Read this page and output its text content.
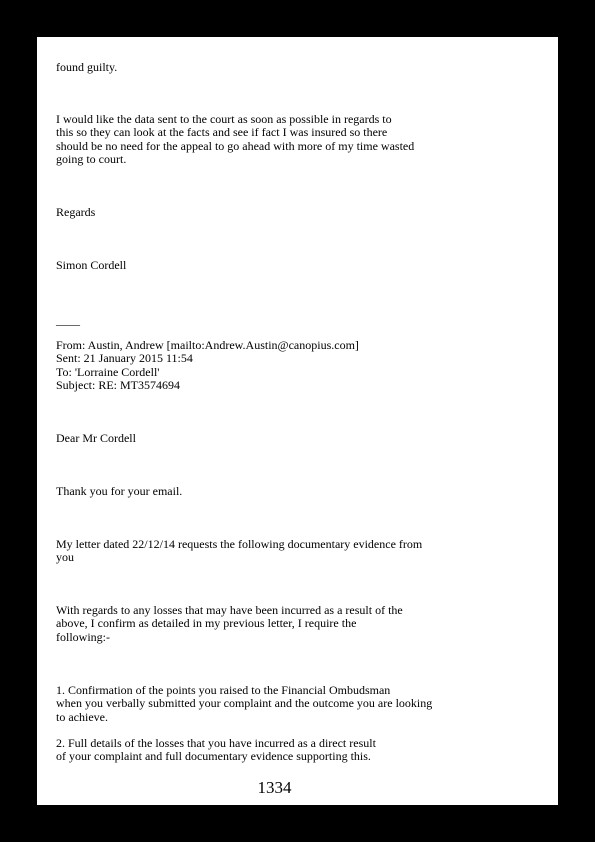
found guilty.

I would like the data sent to the court as soon as possible in regards to
this so they can look at the facts and see if fact I was insured so there
should be no need for the appeal to go ahead with more of my time wasted
going to court.

Regards

Simon Cordell

——

From: Austin, Andrew [mailto:Andrew.Austin@canopius.com]
Sent: 21 January 2015 11:54
To: 'Lorraine Cordell'
Subject: RE: MT3574694

Dear Mr Cordell

Thank you for your email.

My letter dated 22/12/14 requests the following documentary evidence from
you
With regards to any losses that may have been incurred as a result of the
above, I confirm as detailed in my previous letter, I require the
following:-
1. Confirmation of the points you raised to the Financial Ombudsman
when you verbally submitted your complaint and the outcome you are looking
to achieve.
2. Full details of the losses that you have incurred as a direct result
of your complaint and full documentary evidence supporting this.
1334
